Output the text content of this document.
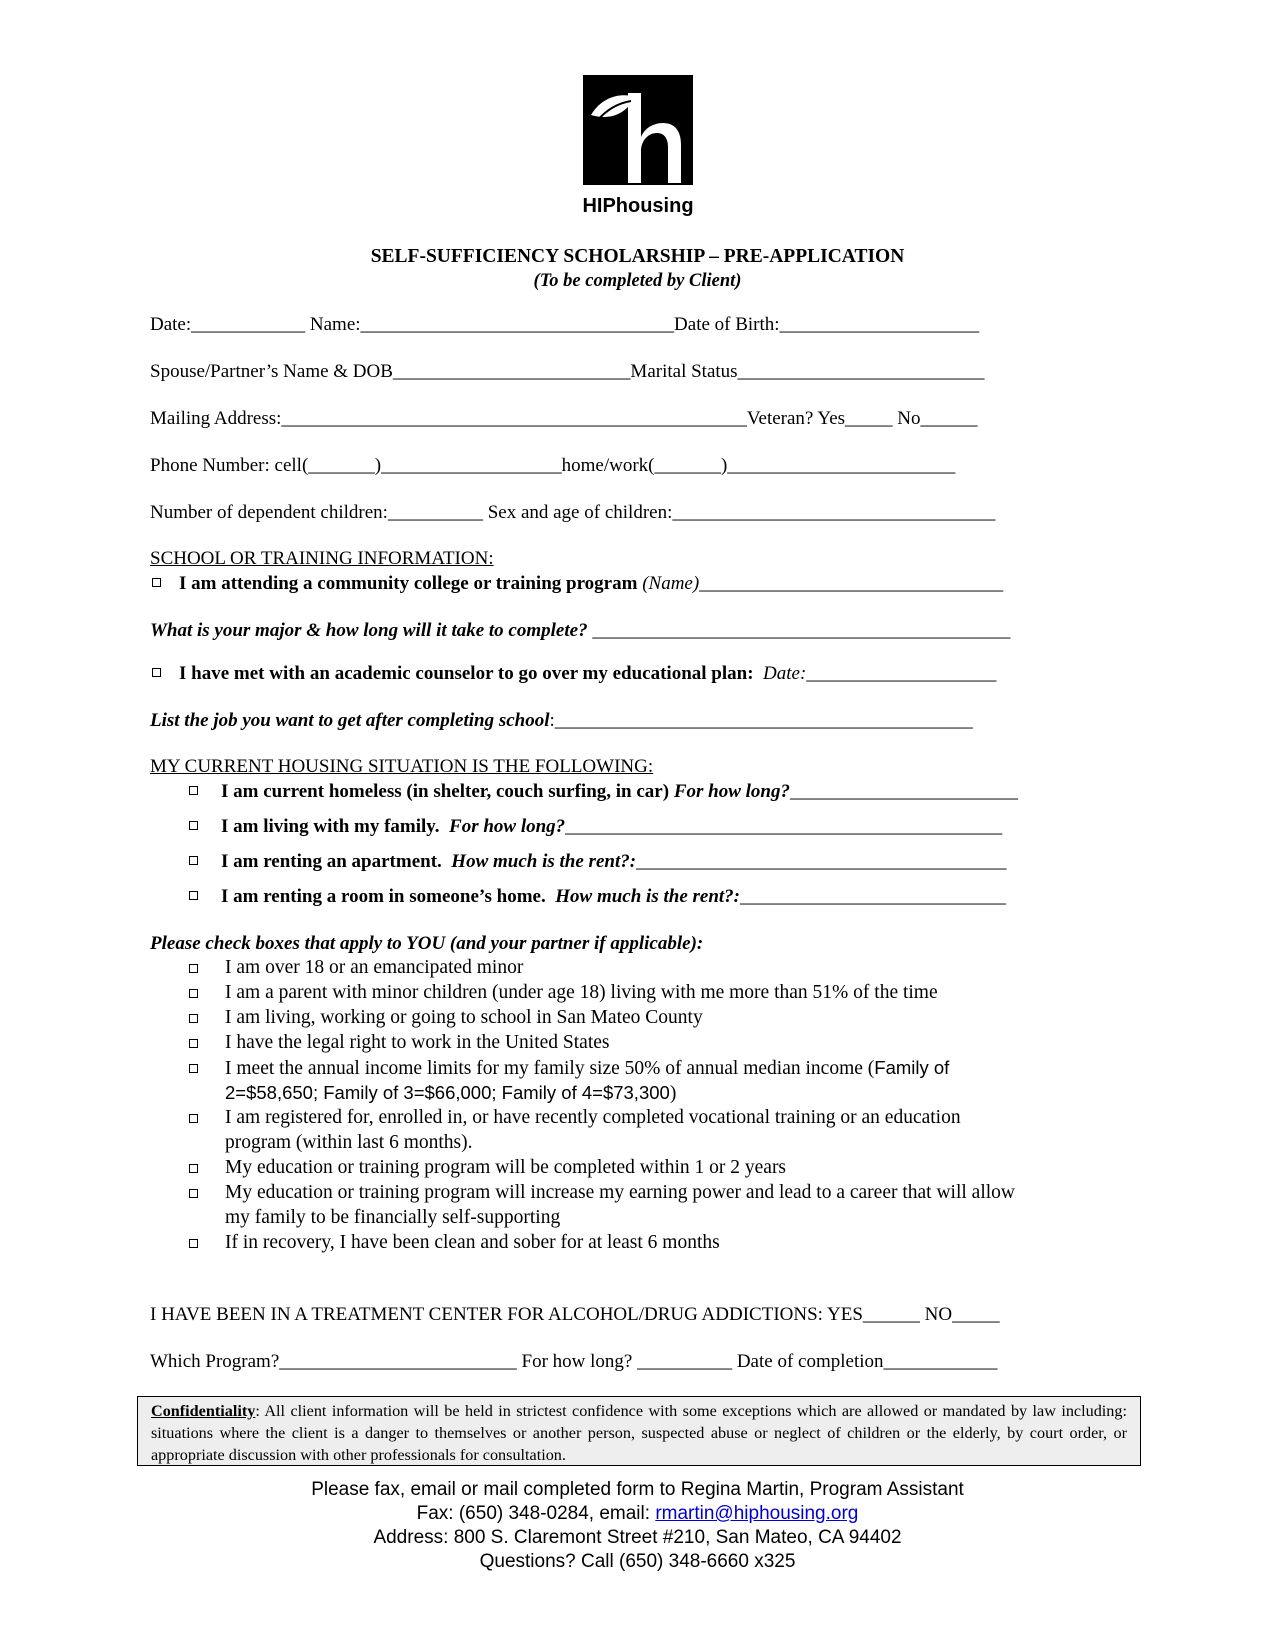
HIPhousing
SELF-SUFFICIENCY SCHOLARSHIP – PRE-APPLICATION
(To be completed by Client)
Date:____________ Name:_________________________________Date of Birth:_____________________
Spouse/Partner’s Name & DOB_________________________Marital Status__________________________
Mailing Address:_________________________________________________Veteran? Yes_____ No______
Phone Number: cell(_______)___________________home/work(_______)________________________
Number of dependent children:__________ Sex and age of children:__________________________________
SCHOOL OR TRAINING INFORMATION:
I am attending a community college or training program (Name)________________________________
What is your major & how long will it take to complete? ____________________________________________
I have met with an academic counselor to go over my educational plan: Date:____________________
List the job you want to get after completing school:____________________________________________
MY CURRENT HOUSING SITUATION IS THE FOLLOWING:
I am current homeless (in shelter, couch surfing, in car) For how long?________________________
I am living with my family. For how long?______________________________________________
I am renting an apartment. How much is the rent?:_______________________________________
I am renting a room in someone’s home. How much is the rent?:____________________________
Please check boxes that apply to YOU (and your partner if applicable):
I am over 18 or an emancipated minor
I am a parent with minor children (under age 18) living with me more than 51% of the time
I am living, working or going to school in San Mateo County
I have the legal right to work in the United States
I meet the annual income limits for my family size 50% of annual median income (Family of
2=$58,650; Family of 3=$66,000; Family of 4=$73,300)
I am registered for, enrolled in, or have recently completed vocational training or an education
program (within last 6 months).
My education or training program will be completed within 1 or 2 years
My education or training program will increase my earning power and lead to a career that will allow
my family to be financially self-supporting
If in recovery, I have been clean and sober for at least 6 months
I HAVE BEEN IN A TREATMENT CENTER FOR ALCOHOL/DRUG ADDICTIONS: YES______ NO_____
Which Program?_________________________ For how long? __________ Date of completion____________
Confidentiality: All client information will be held in strictest confidence with some exceptions which are allowed or mandated by law including: situations where the client is a danger to themselves or another person, suspected abuse or neglect of children or the elderly, by court order, or appropriate discussion with other professionals for consultation.
Please fax, email or mail completed form to Regina Martin, Program Assistant
Fax: (650) 348-0284, email: rmartin@hiphousing.org
Address: 800 S. Claremont Street #210, San Mateo, CA 94402
Questions? Call (650) 348-6660 x325
